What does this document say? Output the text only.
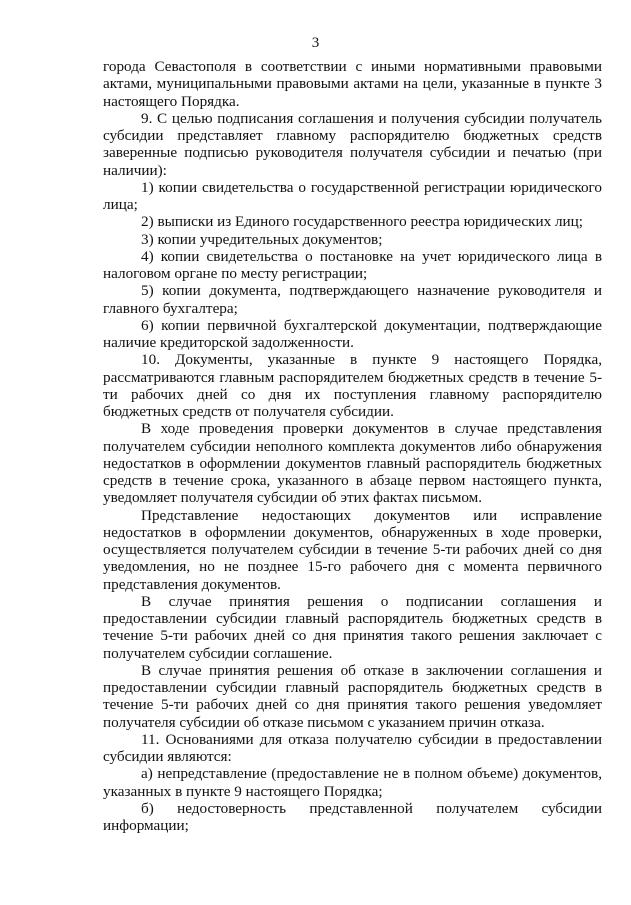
3

города Севастополя в соответствии с иными нормативными правовыми актами, муниципальными правовыми актами на цели, указанные в пункте 3 настоящего Порядка.

9. С целью подписания соглашения и получения субсидии получатель субсидии представляет главному распорядителю бюджетных средств заверенные подписью руководителя получателя субсидии и печатью (при наличии):

1) копии свидетельства о государственной регистрации юридического лица;

2) выписки из Единого государственного реестра юридических лиц;

3) копии учредительных документов;

4) копии свидетельства о постановке на учет юридического лица в налоговом органе по месту регистрации;

5) копии документа, подтверждающего назначение руководителя и главного бухгалтера;

6) копии первичной бухгалтерской документации, подтверждающие наличие кредиторской задолженности.

10. Документы, указанные в пункте 9 настоящего Порядка, рассматриваются главным распорядителем бюджетных средств в течение 5-ти рабочих дней со дня их поступления главному распорядителю бюджетных средств от получателя субсидии.

В ходе проведения проверки документов в случае представления получателем субсидии неполного комплекта документов либо обнаружения недостатков в оформлении документов главный распорядитель бюджетных средств в течение срока, указанного в абзаце первом настоящего пункта, уведомляет получателя субсидии об этих фактах письмом.

Представление недостающих документов или исправление недостатков в оформлении документов, обнаруженных в ходе проверки, осуществляется получателем субсидии в течение 5-ти рабочих дней со дня уведомления, но не позднее 15-го рабочего дня с момента первичного представления документов.

В случае принятия решения о подписании соглашения и предоставлении субсидии главный распорядитель бюджетных средств в течение 5-ти рабочих дней со дня принятия такого решения заключает с получателем субсидии соглашение.

В случае принятия решения об отказе в заключении соглашения и предоставлении субсидии главный распорядитель бюджетных средств в течение 5-ти рабочих дней со дня принятия такого решения уведомляет получателя субсидии об отказе письмом с указанием причин отказа.

11. Основаниями для отказа получателю субсидии в предоставлении субсидии являются:

а) непредставление (предоставление не в полном объеме) документов, указанных в пункте 9 настоящего Порядка;

б) недостоверность представленной получателем субсидии информации;
